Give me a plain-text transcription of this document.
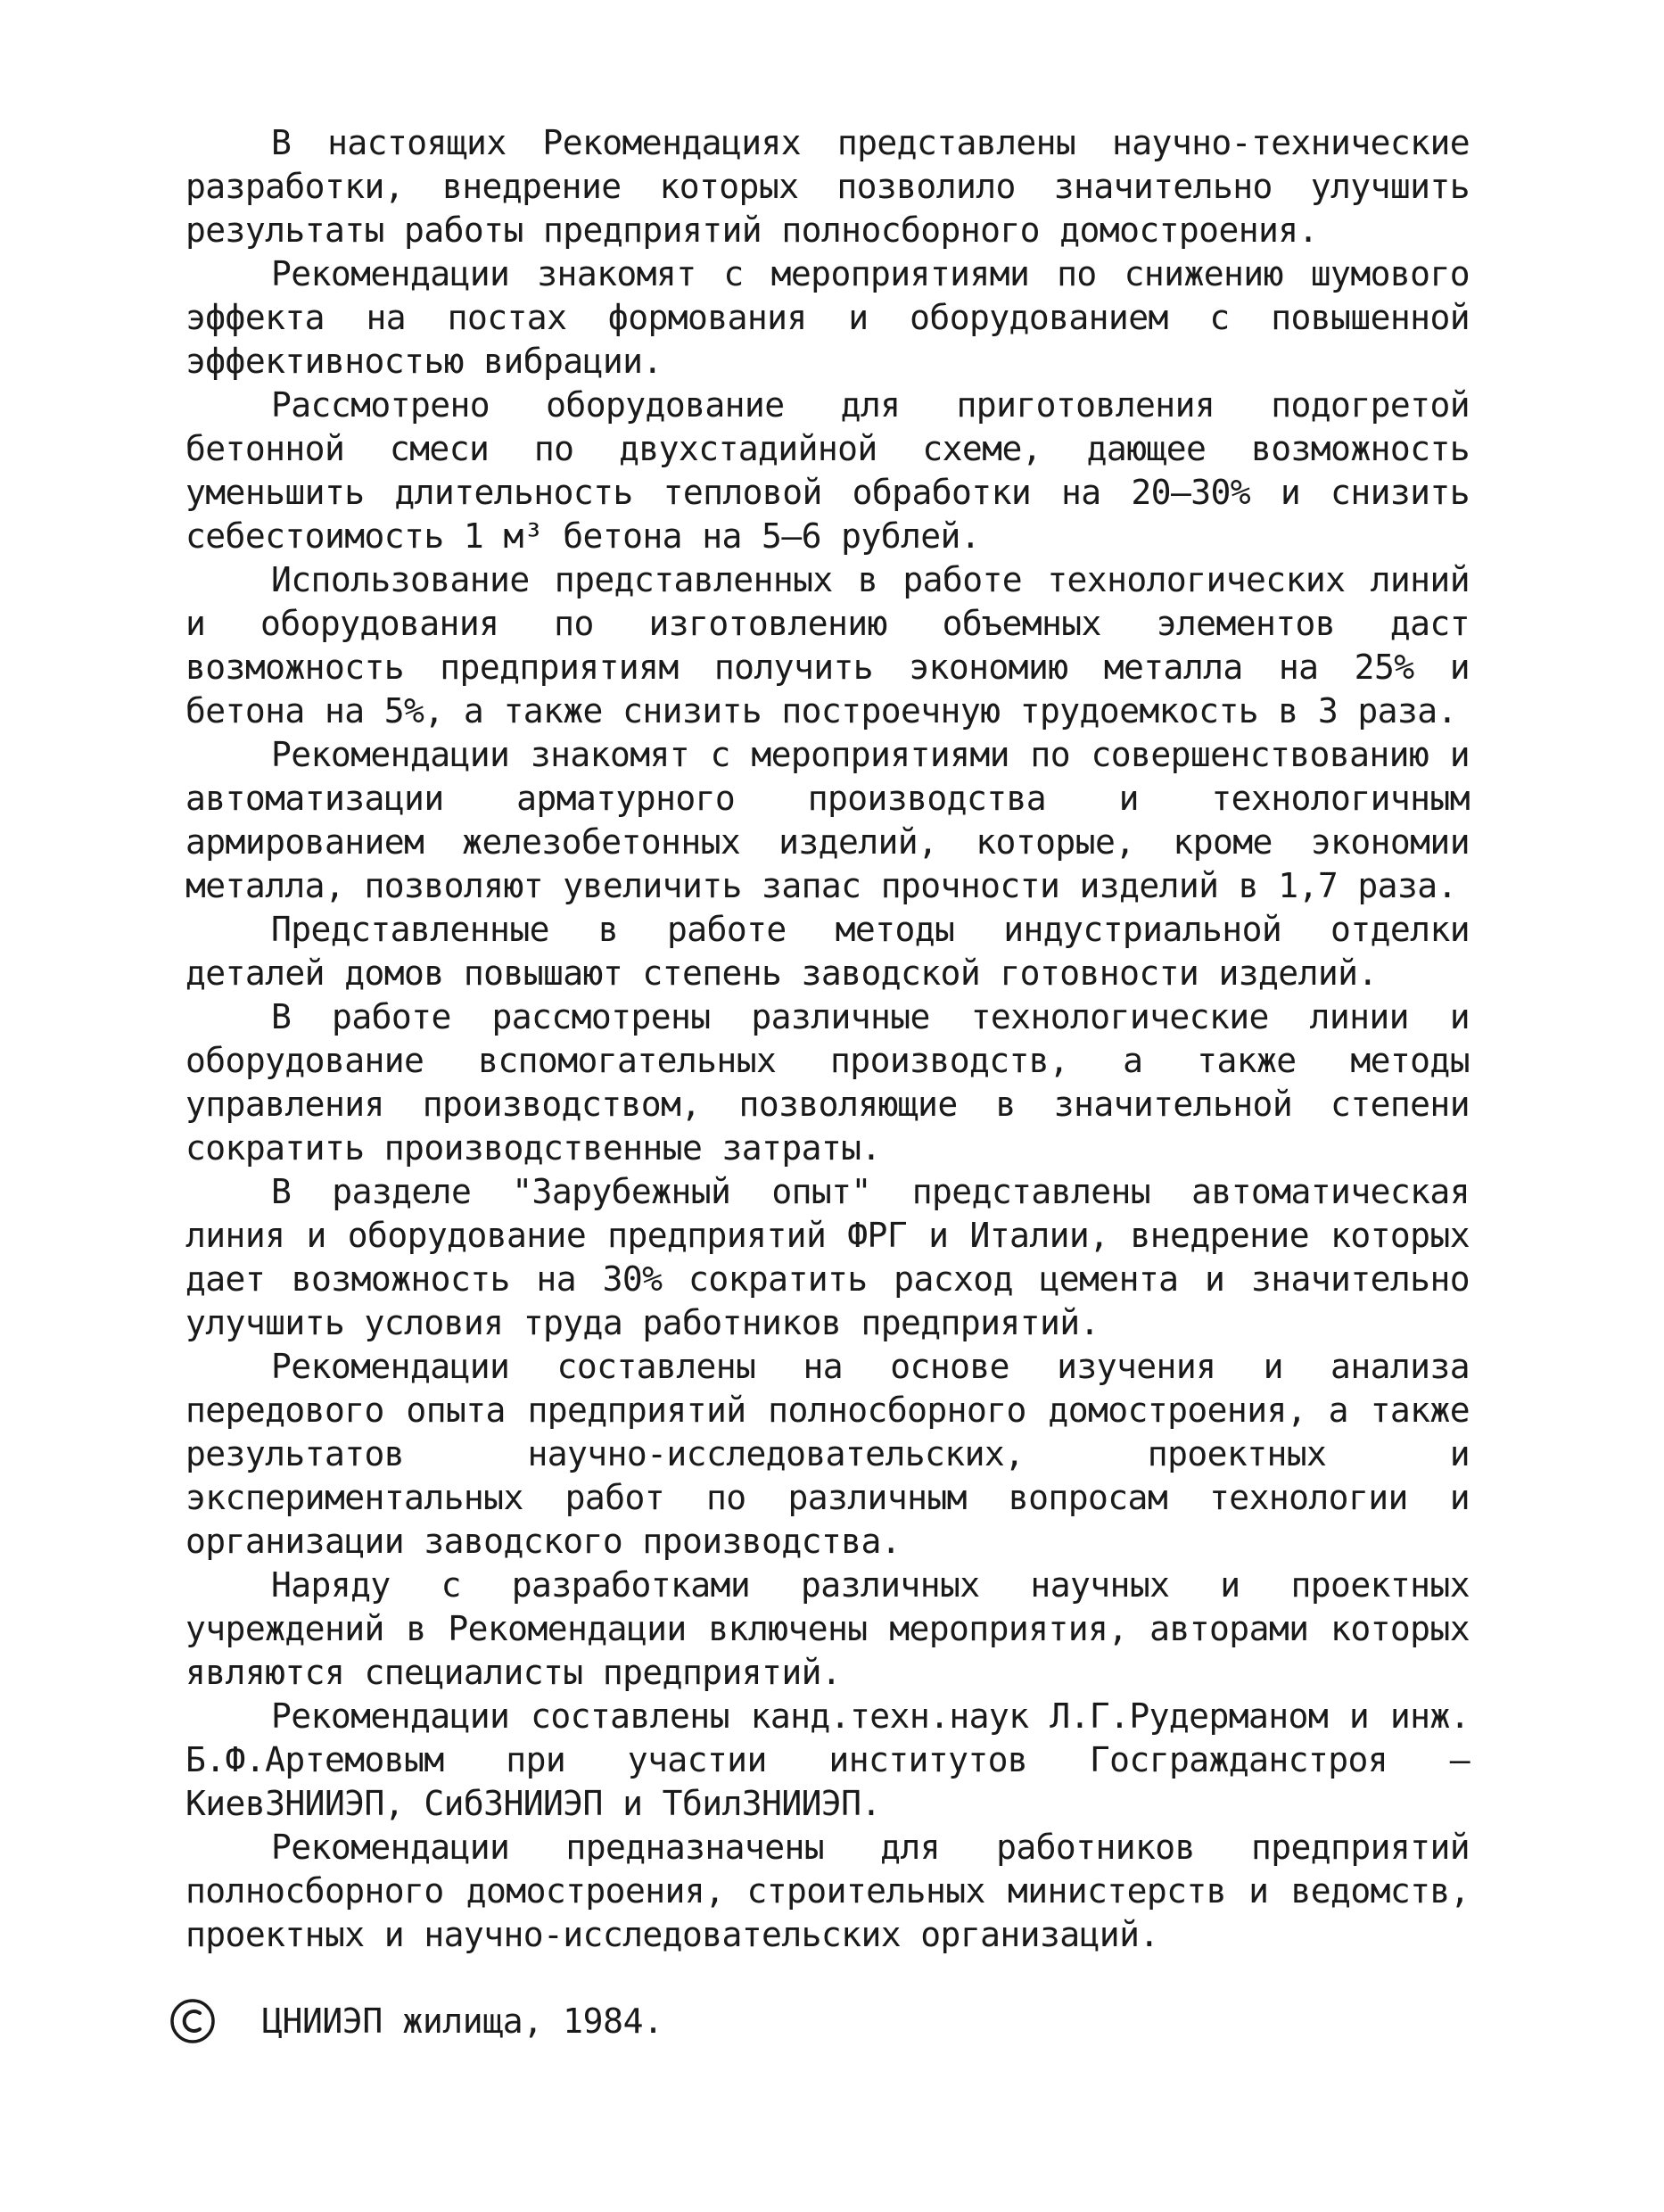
В настоящих Рекомендациях представлены научно-технические разработки, внедрение которых позволило значительно улучшить результаты работы предприятий полносборного домостроения.

Рекомендации знакомят с мероприятиями по снижению шумового эффекта на постах формования и оборудованием с повышенной эффективностью вибрации.

Рассмотрено оборудование для приготовления подогретой бетонной смеси по двухстадийной схеме, дающее возможность уменьшить длительность тепловой обработки на 20–30% и снизить себестоимость 1 м³ бетона на 5–6 рублей.

Использование представленных в работе технологических линий и оборудования по изготовлению объемных элементов даст возможность предприятиям получить экономию металла на 25% и бетона на 5%, а также снизить построечную трудоемкость в 3 раза.

Рекомендации знакомят с мероприятиями по совершенствованию и автоматизации арматурного производства и технологичным армированием железобетонных изделий, которые, кроме экономии металла, позволяют увеличить запас прочности изделий в 1,7 раза.

Представленные в работе методы индустриальной отделки деталей домов повышают степень заводской готовности изделий.

В работе рассмотрены различные технологические линии и оборудование вспомогательных производств, а также методы управления производством, позволяющие в значительной степени сократить производственные затраты.

В разделе "Зарубежный опыт" представлены автоматическая линия и оборудование предприятий ФРГ и Италии, внедрение которых дает возможность на 30% сократить расход цемента и значительно улучшить условия труда работников предприятий.

Рекомендации составлены на основе изучения и анализа передового опыта предприятий полносборного домостроения, а также результатов научно-исследовательских, проектных и экспериментальных работ по различным вопросам технологии и организации заводского производства.

Наряду с разработками различных научных и проектных учреждений в Рекомендации включены мероприятия, авторами которых являются специалисты предприятий.

Рекомендации составлены канд.техн.наук Л.Г.Рудерманом и инж. Б.Ф.Артемовым при участии институтов Госгражданстроя – КиевЗНИИЭП, СибЗНИИЭП и ТбилЗНИИЭП.

Рекомендации предназначены для работников предприятий полносборного домостроения, строительных министерств и ведомств, проектных и научно-исследовательских организаций.

ЦНИИЭП жилища, 1984.
